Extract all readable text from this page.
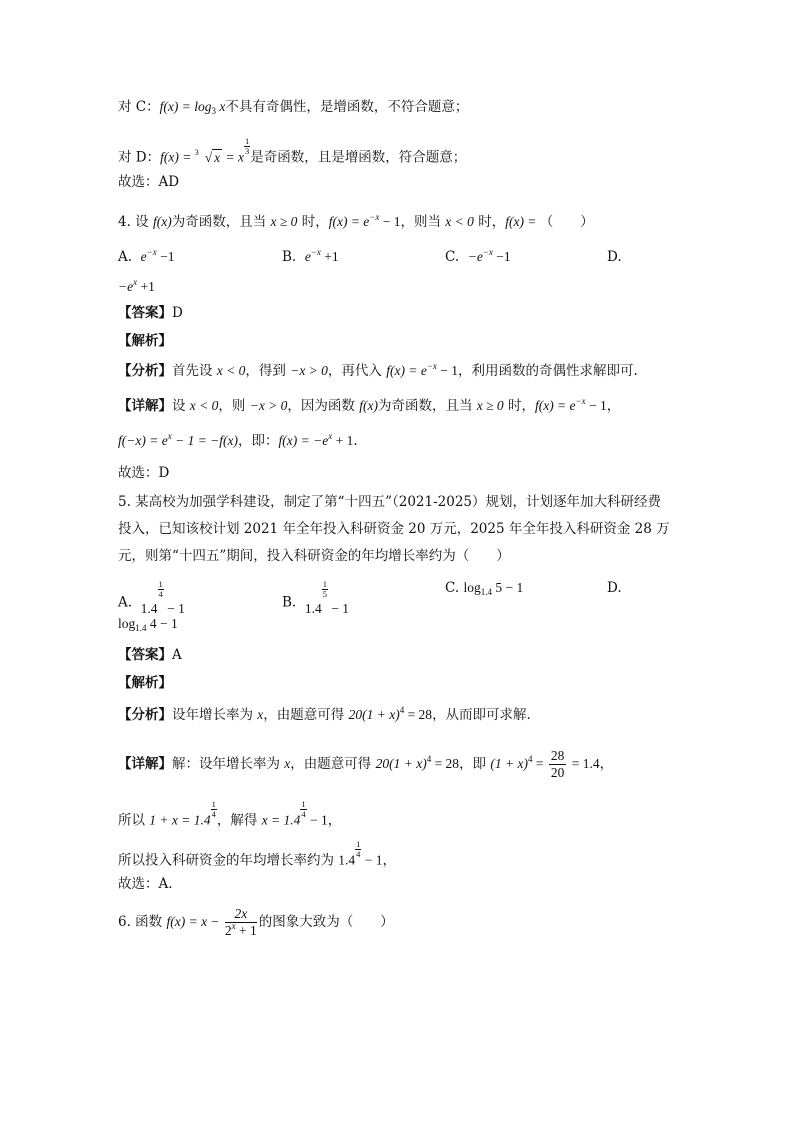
对 C：$f(x) = \log_3 x$不具有奇偶性，是增函数，不符合题意；
对 D：f(x) = 3 √ x = x
$\frac{1}{3}$
是奇函数，且是增函数，符合题意；
故选：AD
4. 设 f(x)为奇函数，且当 x ≥ 0 时，$f(x) = e^{-x} - 1$，则当 x < 0 时，f(x) = （　　）
A. $e^{-x} -1$	B. $e^{-x} +1$	C. $-e^{-x} -1$	D.
$-e^x +1$
【答案】D
【解析】
【分析】首先设 x < 0，得到 −x > 0，再代入 $f(x) = e^{-x} - 1$，利用函数的奇偶性求解即可.
【详解】设 x < 0，则 −x > 0，因为函数 f(x)为奇函数，且当 x ≥ 0 时，$f(x) = e^{-x} - 1$，
$f(-x) = e^x - 1 = -f(x)$，即：$f(x) = -e^x + 1$.
故选：D
5. 某高校为加强学科建设，制定了第“十四五”（2021-2025）规划，计划逐年加大科研经费
投入，已知该校计划 2021 年全年投入科研资金 20 万元，2025 年全年投入科研资金 28 万
元，则第“十四五”期间，投入科研资金的年均增长率约为（　　）
A. 1.4
$\frac{1}{4}$
− 1	B. 1.4
$\frac{1}{5}$
− 1
C. $\log_{1.4} 5 - 1$	D.
$\log_{1.4} 4 - 1$
【答案】A
【解析】
【分析】设年增长率为 x，由题意可得 $20(1 + x)^4 = 28$，从而即可求解.
【详解】解：设年增长率为 x，由题意可得 $20(1 + x)^4 = 28$，即 $(1 + x)^4 = \frac{28}{20} = 1.4$，
所以 1 + x = 1.4
$\frac{1}{4}$
，解得 x = 1.4
$\frac{1}{4}$
− 1，
所以投入科研资金的年均增长率约为 1.4
$\frac{1}{4}$
− 1，
故选：A.
6. 函数 $f(x) = x - \frac{2x}{2^x + 1}$ 的图象大致为（　　）
